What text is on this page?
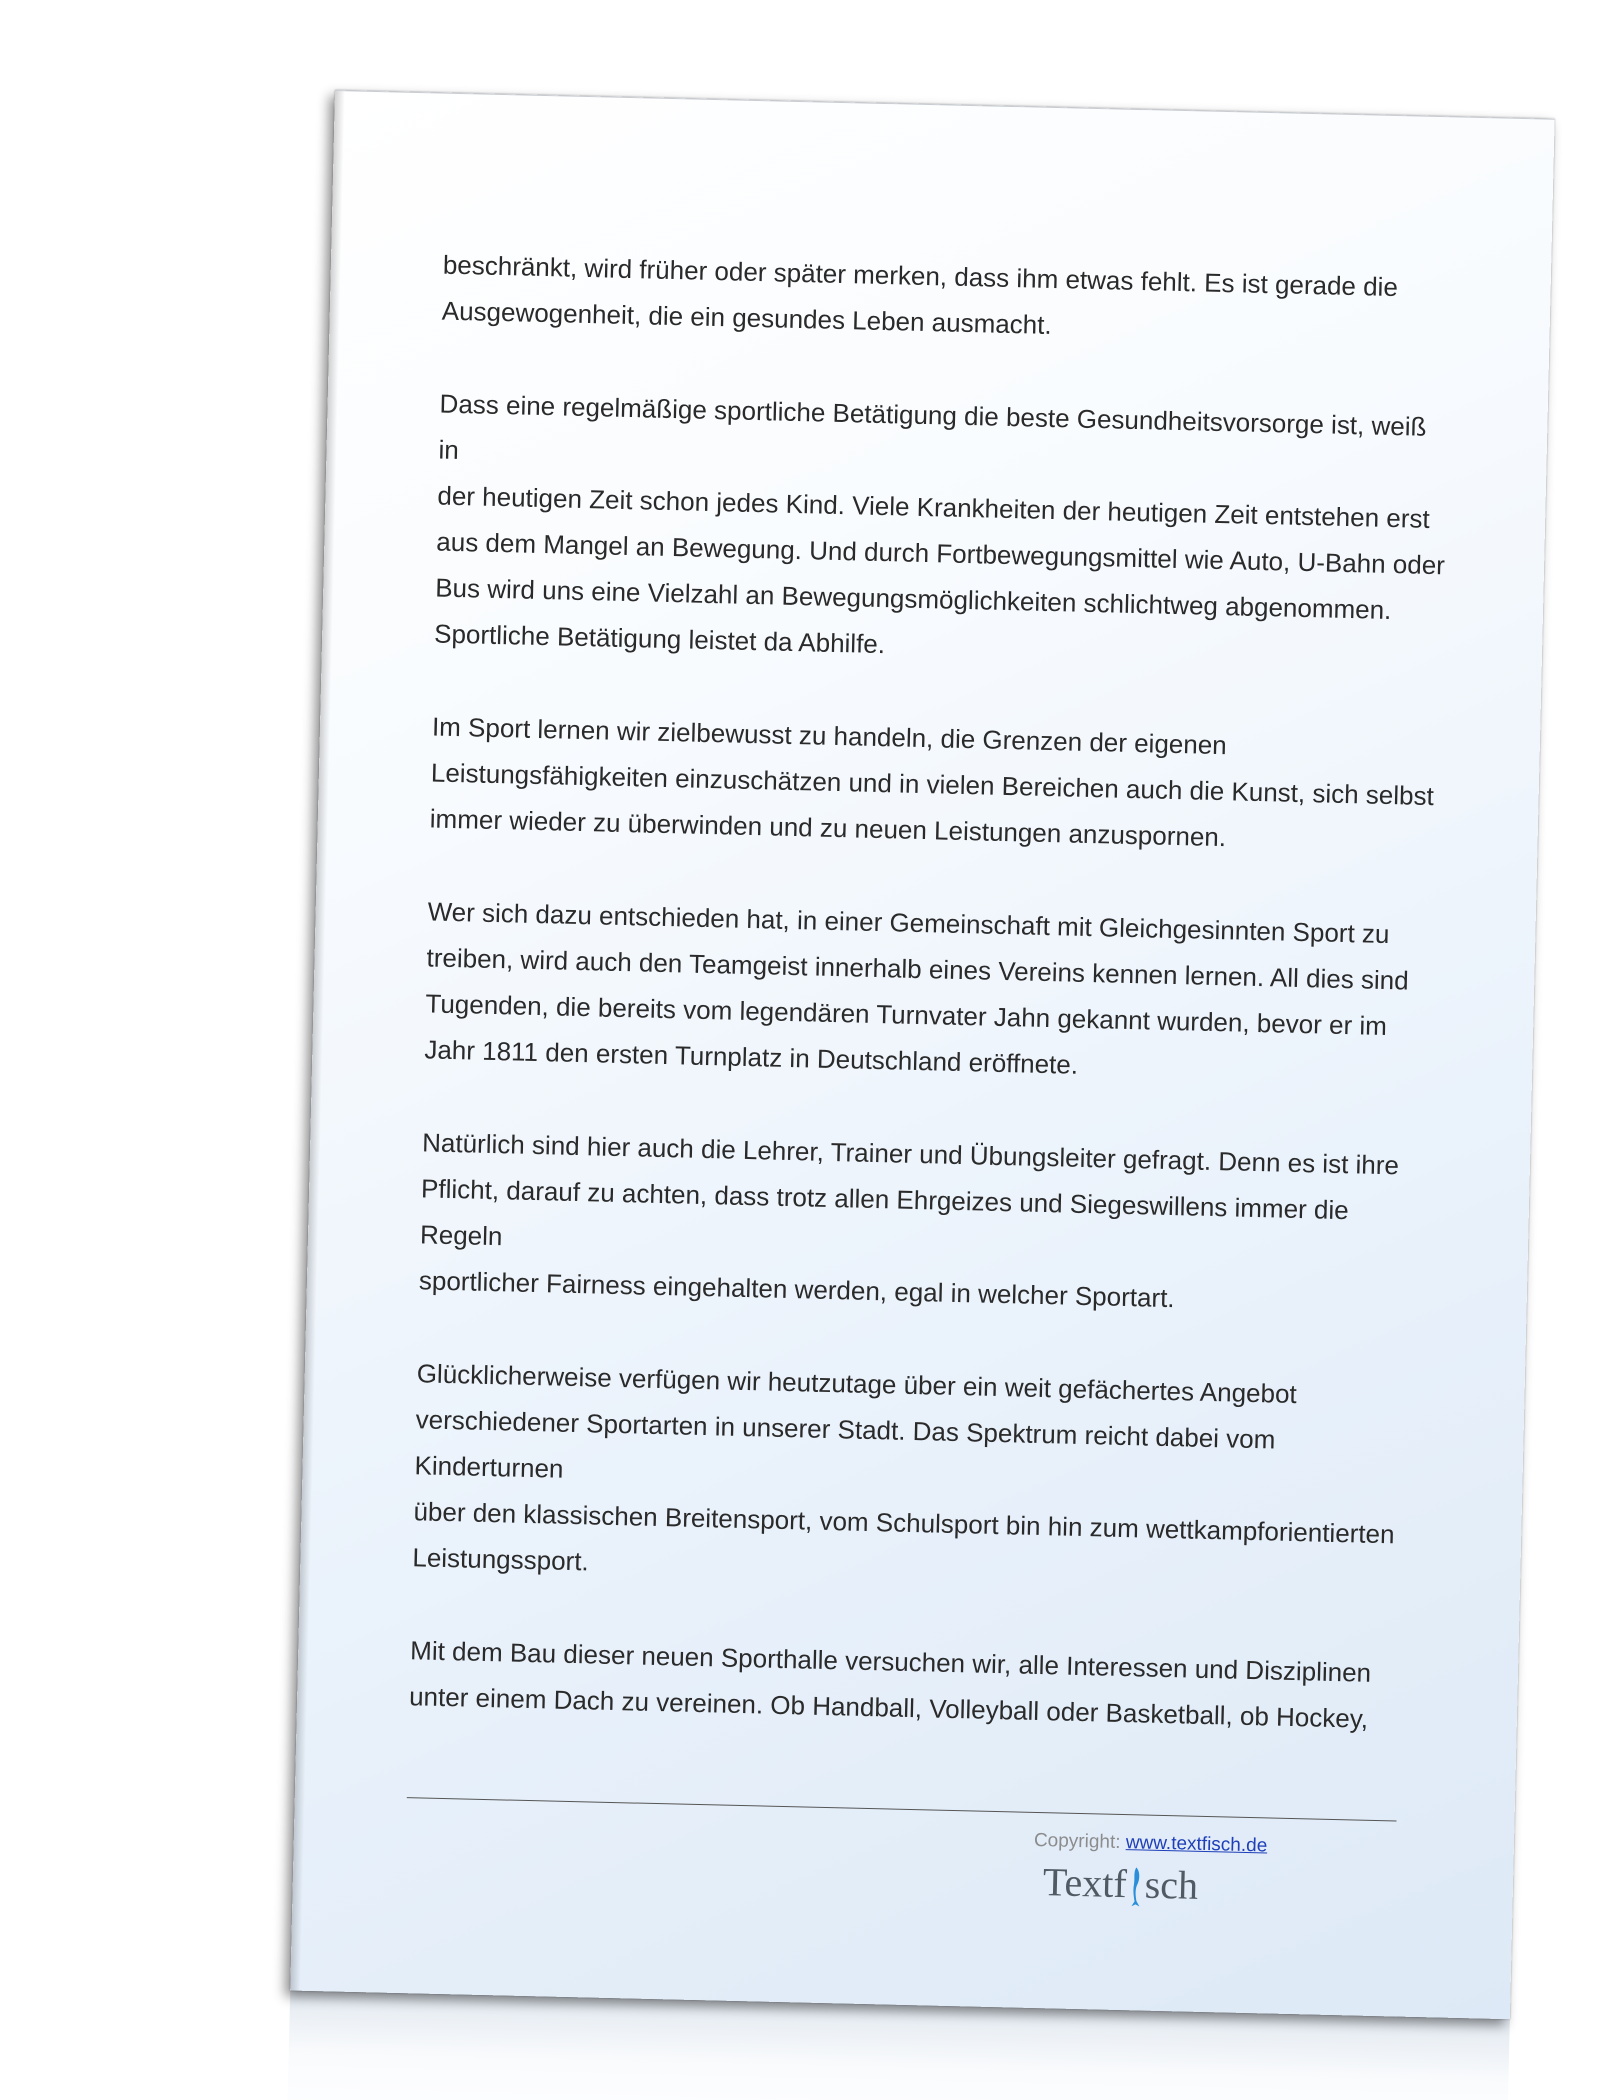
beschränkt, wird früher oder später merken, dass ihm etwas fehlt. Es ist gerade die
Ausgewogenheit, die ein gesundes Leben ausmacht.

Dass eine regelmäßige sportliche Betätigung die beste Gesundheitsvorsorge ist, weiß in
der heutigen Zeit schon jedes Kind. Viele Krankheiten der heutigen Zeit entstehen erst
aus dem Mangel an Bewegung. Und durch Fortbewegungsmittel wie Auto, U-Bahn oder
Bus wird uns eine Vielzahl an Bewegungsmöglichkeiten schlichtweg abgenommen.
Sportliche Betätigung leistet da Abhilfe.

Im Sport lernen wir zielbewusst zu handeln, die Grenzen der eigenen
Leistungsfähigkeiten einzuschätzen und in vielen Bereichen auch die Kunst, sich selbst
immer wieder zu überwinden und zu neuen Leistungen anzuspornen.

Wer sich dazu entschieden hat, in einer Gemeinschaft mit Gleichgesinnten Sport zu
treiben, wird auch den Teamgeist innerhalb eines Vereins kennen lernen. All dies sind
Tugenden, die bereits vom legendären Turnvater Jahn gekannt wurden, bevor er im
Jahr 1811 den ersten Turnplatz in Deutschland eröffnete.

Natürlich sind hier auch die Lehrer, Trainer und Übungsleiter gefragt. Denn es ist ihre
Pflicht, darauf zu achten, dass trotz allen Ehrgeizes und Siegeswillens immer die Regeln
sportlicher Fairness eingehalten werden, egal in welcher Sportart.

Glücklicherweise verfügen wir heutzutage über ein weit gefächertes Angebot
verschiedener Sportarten in unserer Stadt. Das Spektrum reicht dabei vom Kinderturnen
über den klassischen Breitensport, vom Schulsport bin hin zum wettkampforientierten
Leistungssport.

Mit dem Bau dieser neuen Sporthalle versuchen wir, alle Interessen und Disziplinen
unter einem Dach zu vereinen. Ob Handball, Volleyball oder Basketball, ob Hockey,

Copyright: www.textfisch.de
Textf sch
